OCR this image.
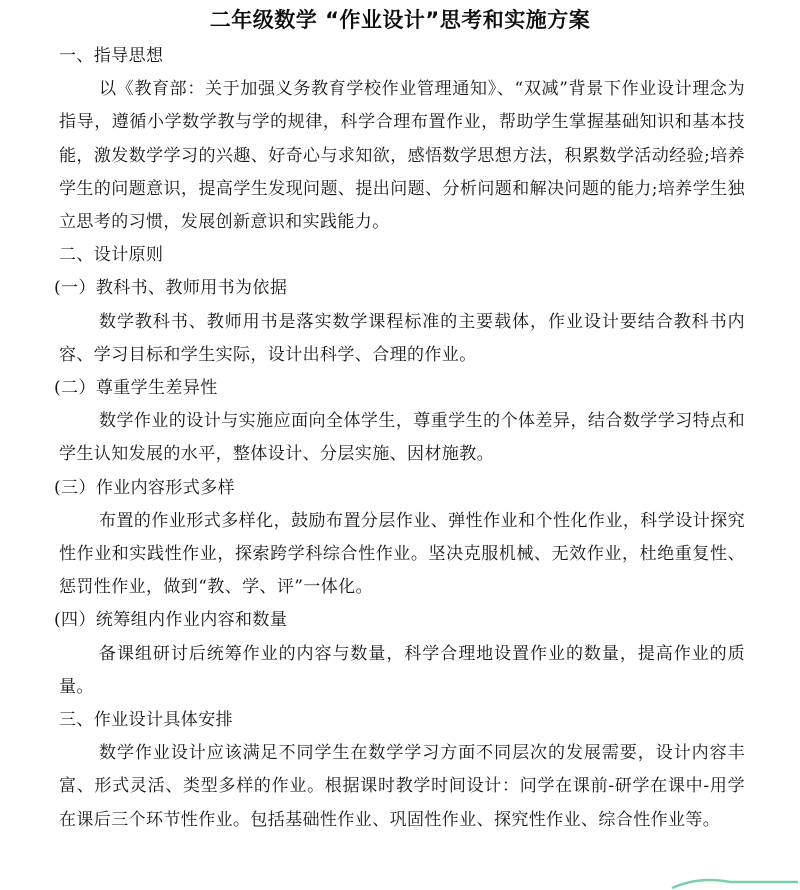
二年级数学 “作业设计”思考和实施方案

一、指导思想

以《教育部：关于加强义务教育学校作业管理通知》、“双减”背景下作业设计理念为指导，遵循小学数学教与学的规律，科学合理布置作业，帮助学生掌握基础知识和基本技能，激发数学学习的兴趣、好奇心与求知欲，感悟数学思想方法，积累数学活动经验;培养学生的问题意识，提高学生发现问题、提出问题、分析问题和解决问题的能力;培养学生独立思考的习惯，发展创新意识和实践能力。

二、设计原则

(一）教科书、教师用书为依据

数学教科书、教师用书是落实数学课程标准的主要载体，作业设计要结合教科书内容、学习目标和学生实际，设计出科学、合理的作业。

(二）尊重学生差异性

数学作业的设计与实施应面向全体学生，尊重学生的个体差异，结合数学学习特点和学生认知发展的水平，整体设计、分层实施、因材施教。

(三）作业内容形式多样

布置的作业形式多样化，鼓励布置分层作业、弹性作业和个性化作业，科学设计探究性作业和实践性作业，探索跨学科综合性作业。坚决克服机械、无效作业，杜绝重复性、惩罚性作业，做到“教、学、评”一体化。

(四）统筹组内作业内容和数量

备课组研讨后统筹作业的内容与数量，科学合理地设置作业的数量，提高作业的质量。

三、作业设计具体安排

数学作业设计应该满足不同学生在数学学习方面不同层次的发展需要，设计内容丰富、形式灵活、类型多样的作业。根据课时教学时间设计：问学在课前-研学在课中-用学在课后三个环节性作业。包括基础性作业、巩固性作业、探究性作业、综合性作业等。
